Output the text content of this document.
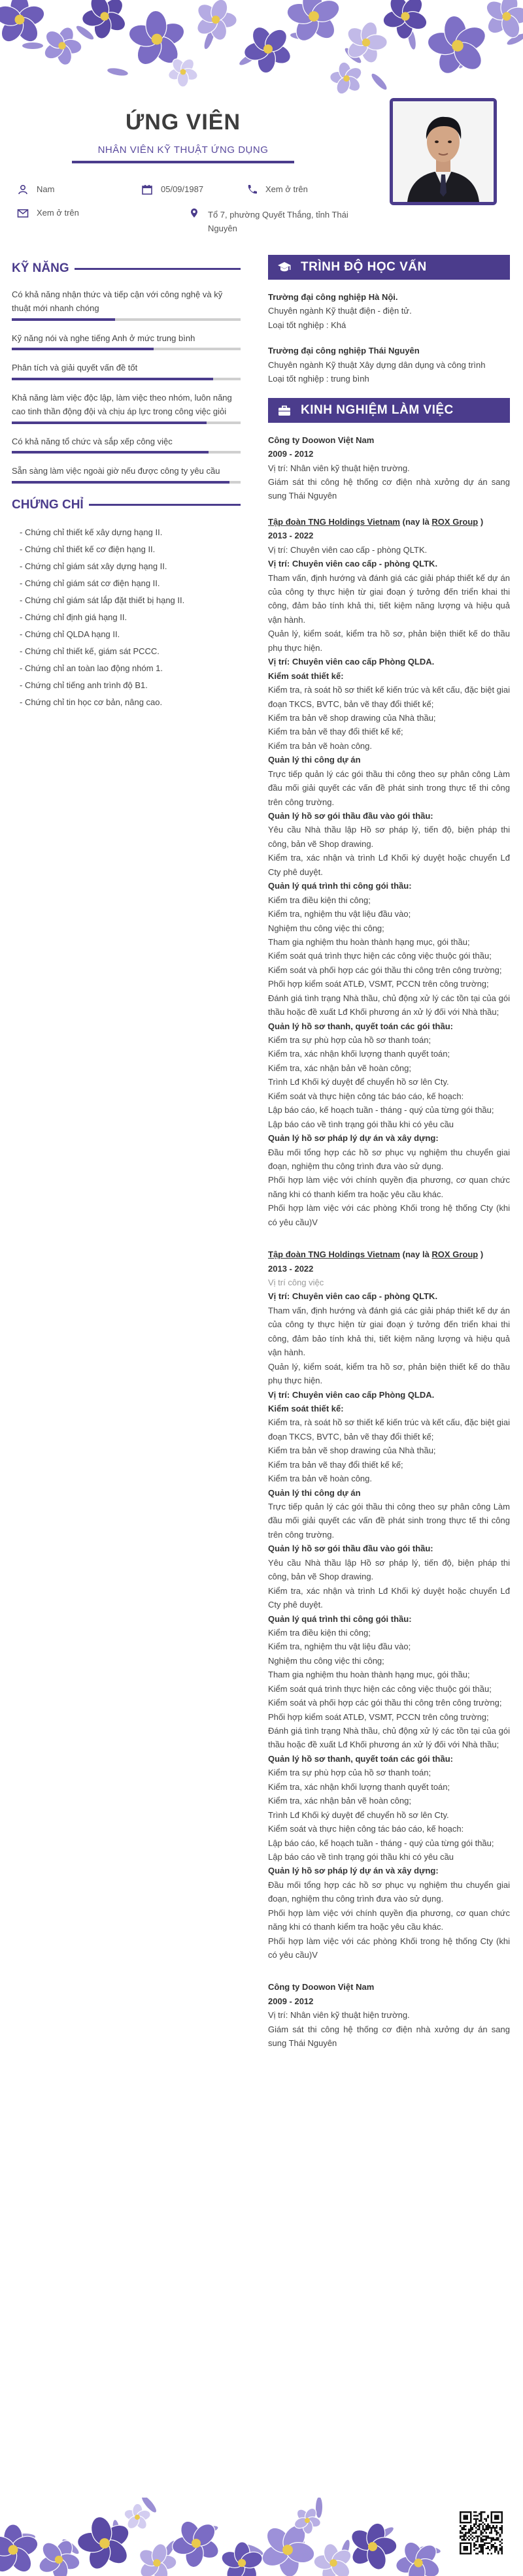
ỨNG VIÊN
NHÂN VIÊN KỸ THUẬT ỨNG DỤNG
Nam	05/09/1987	Xem ở trên
Xem ở trên	Tổ 7, phường Quyết Thắng, tỉnh Thái Nguyên
KỸ NĂNG
Có khả năng nhận thức và tiếp cận với công nghệ và kỹ thuật mới nhanh chóng
Kỹ năng nói và nghe tiếng Anh ở mức trung bình
Phân tích và giải quyết vấn đề tốt
Khả năng làm việc độc lập, làm việc theo nhóm, luôn năng cao tinh thần động đội và chịu áp lực trong công việc giỏi
Có khả năng tổ chức và sắp xếp công việc
Sẵn sàng làm việc ngoài giờ nếu được công ty yêu cầu
CHỨNG CHỈ
- Chứng chỉ thiết kế xây dựng hạng II.
- Chứng chỉ thiết kế cơ điện hạng II.
- Chứng chỉ giám sát xây dựng hạng II.
- Chứng chỉ giám sát cơ điện hạng II.
- Chứng chỉ giám sát lắp đặt thiết bị hạng II.
- Chứng chỉ định giá hạng II.
- Chứng chỉ QLDA hạng II.
- Chứng chỉ thiết kế, giám sát PCCC.
- Chứng chỉ an toàn lao động nhóm 1.
- Chứng chỉ tiếng anh trình độ B1.
- Chứng chỉ tin học cơ bản, nâng cao.
TRÌNH ĐỘ HỌC VẤN
Trường đại công nghiệp Hà Nội.
Chuyên ngành Kỹ thuật điện - điện tử.
Loại tốt nghiệp : Khá
Trường đại công nghiệp Thái Nguyên
Chuyên ngành Kỹ thuật Xây dựng dân dụng và công trình
Loại tốt nghiệp : trung bình
KINH NGHIỆM LÀM VIỆC
Công ty Doowon Việt Nam
2009 - 2012
Vị trí: Nhân viên kỹ thuật hiện trường.
Giám sát thi công hệ thống cơ điện nhà xưởng dự án sang sung Thái Nguyên
Tập đoàn TNG Holdings Vietnam (nay là ROX Group )
2013 - 2022
Vị trí: Chuyên viên cao cấp - phòng QLTK.
Vị trí: Chuyên viên cao cấp - phòng QLTK.
Tham vấn, định hướng và đánh giá các giải pháp thiết kế dự án của công ty thực hiện từ giai đoạn ý tưởng đến triển khai thi công, đảm bảo tính khả thi, tiết kiệm năng lượng và hiệu quả vận hành.
Quản lý, kiểm soát, kiểm tra hồ sơ, phản biện thiết kế do thầu phụ thực hiện.
Vị trí: Chuyên viên cao cấp Phòng QLDA.
Kiểm soát thiết kế:
Kiểm tra, rà soát hồ sơ thiết kế kiến trúc và kết cấu, đặc biệt giai đoạn TKCS, BVTC, bản vẽ thay đổi thiết kế;
Kiểm tra bản vẽ shop drawing của Nhà thầu;
Kiểm tra bản vẽ thay đổi thiết kế kế;
Kiểm tra bản vẽ hoàn công.
Quản lý thi công dự án
Trực tiếp quản lý các gói thầu thi công theo sự phân công Làm đầu mối giải quyết các vấn đề phát sinh trong thực tế thi công trên công trường.
Quản lý hồ sơ gói thầu đầu vào gói thầu:
Yêu cầu Nhà thầu lập Hồ sơ pháp lý, tiến độ, biện pháp thi công, bản vẽ Shop drawing.
Kiểm tra, xác nhận và trình Lđ Khối ký duyệt hoặc chuyển Lđ Cty phê duyệt.
Quản lý quá trình thi công gói thầu:
Kiểm tra điều kiện thi công;
Kiểm tra, nghiệm thu vật liệu đầu vào;
Nghiệm thu công việc thi công;
Tham gia nghiệm thu hoàn thành hạng mục, gói thầu;
Kiểm soát quá trình thực hiện các công việc thuộc gói thầu;
Kiểm soát và phối hợp các gói thầu thi công trên công trường;
Phối hợp kiểm soát ATLĐ, VSMT, PCCN trên công trường;
Đánh giá tình trạng Nhà thầu, chủ động xử lý các tồn tại của gói thầu hoặc đề xuất Lđ Khối phương án xử lý đối với Nhà thầu;
Quản lý hồ sơ thanh, quyết toán các gói thầu:
Kiểm tra sự phù hợp của hồ sơ thanh toán;
Kiểm tra, xác nhận khối lượng thanh quyết toán;
Kiểm tra, xác nhận bản vẽ hoàn công;
Trình Lđ Khối ký duyệt để chuyển hồ sơ lên Cty.
Kiểm soát và thực hiện công tác báo cáo, kế hoạch:
Lập báo cáo, kế hoạch tuần - tháng - quý của từng gói thầu;
Lập báo cáo về tình trạng gói thầu khi có yêu cầu
Quản lý hồ sơ pháp lý dự án và xây dựng:
Đầu mối tổng hợp các hồ sơ phục vụ nghiệm thu chuyển giai đoạn, nghiệm thu công trình đưa vào sử dụng.
Phối hợp làm việc với chính quyền địa phương, cơ quan chức năng khi có thanh kiểm tra hoặc yêu cầu khác.
Phối hợp làm việc với các phòng Khối trong hệ thống Cty (khi có yêu cầu)V
Tập đoàn TNG Holdings Vietnam (nay là ROX Group )
2013 - 2022
Vị trí công việc
Vị trí: Chuyên viên cao cấp - phòng QLTK.
Tham vấn, định hướng và đánh giá các giải pháp thiết kế dự án của công ty thực hiện từ giai đoạn ý tưởng đến triển khai thi công, đảm bảo tính khả thi, tiết kiệm năng lượng và hiệu quả vận hành.
Quản lý, kiểm soát, kiểm tra hồ sơ, phản biện thiết kế do thầu phụ thực hiện.
Vị trí: Chuyên viên cao cấp Phòng QLDA.
Kiểm soát thiết kế:
Kiểm tra, rà soát hồ sơ thiết kế kiến trúc và kết cấu, đặc biệt giai đoạn TKCS, BVTC, bản vẽ thay đổi thiết kế;
Kiểm tra bản vẽ shop drawing của Nhà thầu;
Kiểm tra bản vẽ thay đổi thiết kế kế;
Kiểm tra bản vẽ hoàn công.
Quản lý thi công dự án
Trực tiếp quản lý các gói thầu thi công theo sự phân công Làm đầu mối giải quyết các vấn đề phát sinh trong thực tế thi công trên công trường.
Quản lý hồ sơ gói thầu đầu vào gói thầu:
Yêu cầu Nhà thầu lập Hồ sơ pháp lý, tiến độ, biện pháp thi công, bản vẽ Shop drawing.
Kiểm tra, xác nhận và trình Lđ Khối ký duyệt hoặc chuyển Lđ Cty phê duyệt.
Quản lý quá trình thi công gói thầu:
Kiểm tra điều kiện thi công;
Kiểm tra, nghiệm thu vật liệu đầu vào;
Nghiệm thu công việc thi công;
Tham gia nghiệm thu hoàn thành hạng mục, gói thầu;
Kiểm soát quá trình thực hiện các công việc thuộc gói thầu;
Kiểm soát và phối hợp các gói thầu thi công trên công trường;
Phối hợp kiểm soát ATLĐ, VSMT, PCCN trên công trường;
Đánh giá tình trạng Nhà thầu, chủ động xử lý các tồn tại của gói thầu hoặc đề xuất Lđ Khối phương án xử lý đối với Nhà thầu;
Quản lý hồ sơ thanh, quyết toán các gói thầu:
Kiểm tra sự phù hợp của hồ sơ thanh toán;
Kiểm tra, xác nhận khối lượng thanh quyết toán;
Kiểm tra, xác nhận bản vẽ hoàn công;
Trình Lđ Khối ký duyệt để chuyển hồ sơ lên Cty.
Kiểm soát và thực hiện công tác báo cáo, kế hoạch:
Lập báo cáo, kế hoạch tuần - tháng - quý của từng gói thầu;
Lập báo cáo về tình trạng gói thầu khi có yêu cầu
Quản lý hồ sơ pháp lý dự án và xây dựng:
Đầu mối tổng hợp các hồ sơ phục vụ nghiệm thu chuyển giai đoạn, nghiệm thu công trình đưa vào sử dụng.
Phối hợp làm việc với chính quyền địa phương, cơ quan chức năng khi có thanh kiểm tra hoặc yêu cầu khác.
Phối hợp làm việc với các phòng Khối trong hệ thống Cty (khi có yêu cầu)V
Công ty Doowon Việt Nam
2009 - 2012
Vị trí: Nhân viên kỹ thuật hiện trường.
Giám sát thi công hệ thống cơ điện nhà xưởng dự án sang sung Thái Nguyên
